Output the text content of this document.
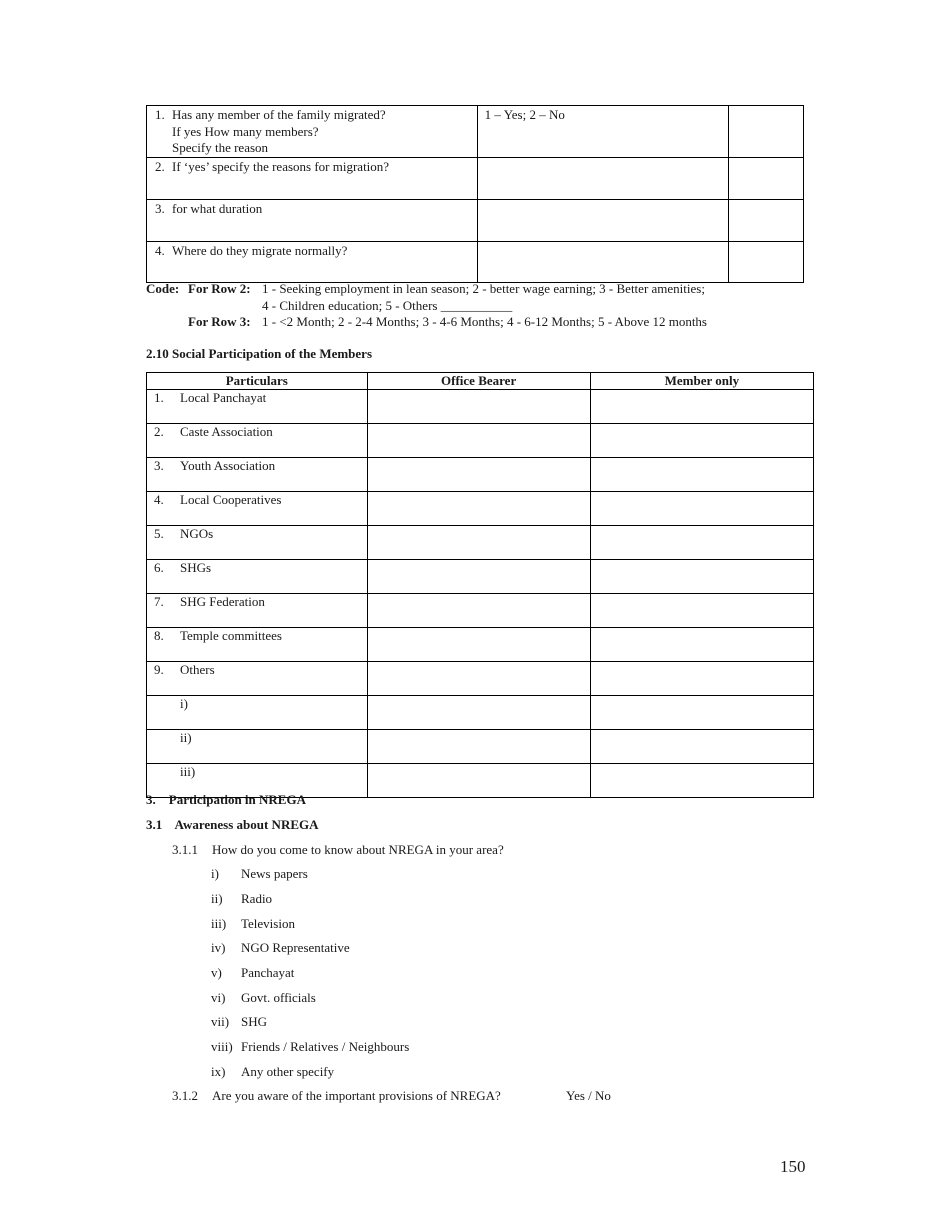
1. Has any member of the family migrated?
If yes How many members?
Specify the reason	1 – Yes; 2 – No	

2. If ‘yes’ specify the reasons for migration?		

3. for what duration		

4. Where do they migrate normally?		

Code: For Row 2: 1 - Seeking employment in lean season; 2 - better wage earning; 3 - Better amenities;
4 - Children education; 5 - Others ___________
For Row 3: 1 - <2 Month; 2 - 2-4 Months; 3 - 4-6 Months; 4 - 6-12 Months; 5 - Above 12 months
2.10 Social Participation of the Members
Particulars	Office Bearer	Member only
1. Local Panchayat		
2. Caste Association		
3. Youth Association		
4. Local Cooperatives		
5. NGOs		
6. SHGs		
7. SHG Federation		
8. Temple committees		
9. Others		
i)		
ii)		
iii)		
3.    Participation in NREGA
3.1    Awareness about NREGA
3.1.1 How do you come to know about NREGA in your area?
i) News papers
ii) Radio
iii) Television
iv) NGO Representative
v) Panchayat
vi) Govt. officials
vii) SHG
viii) Friends / Relatives / Neighbours
ix) Any other specify
3.1.2 Are you aware of the important provisions of NREGA?	Yes / No
150
